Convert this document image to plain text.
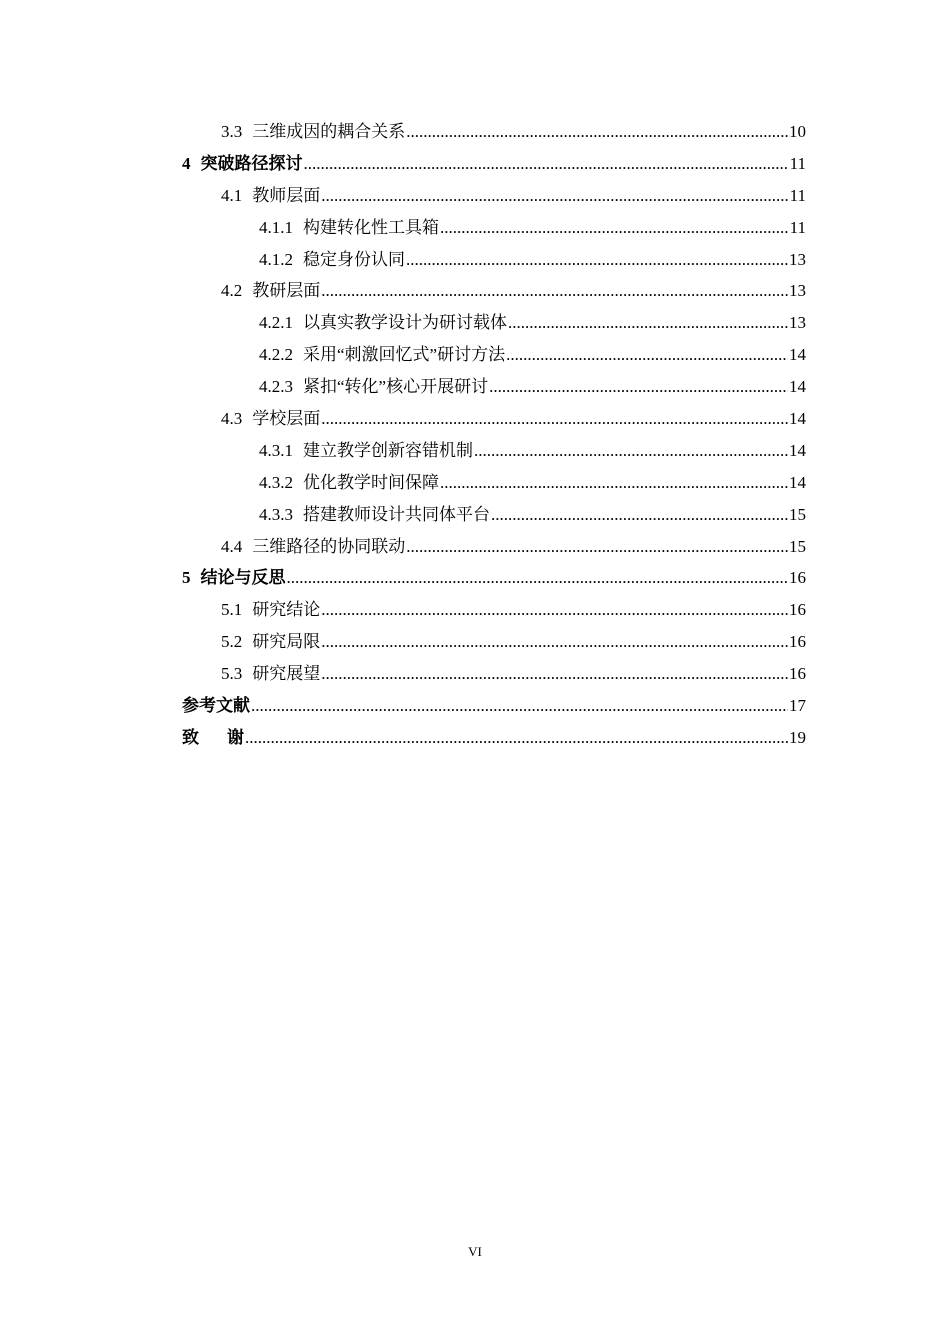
3.3 三维成因的耦合关系 .....	10
4 突破路径探讨 .....	11
4.1 教师层面 .....	11
4.1.1 构建转化性工具箱 .....	11
4.1.2 稳定身份认同 .....	13
4.2 教研层面 .....	13
4.2.1 以真实教学设计为研讨载体 .....	13
4.2.2 采用“刺激回忆式”研讨方法 .....	14
4.2.3 紧扣“转化”核心开展研讨 .....	14
4.3 学校层面 .....	14
4.3.1 建立教学创新容错机制 .....	14
4.3.2 优化教学时间保障 .....	14
4.3.3 搭建教师设计共同体平台 .....	15
4.4 三维路径的协同联动 .....	15
5 结论与反思 .....	16
5.1 研究结论 .....	16
5.2 研究局限 .....	16
5.3 研究展望 .....	16
参考文献 .....	17
致 谢 .....	19
VI
